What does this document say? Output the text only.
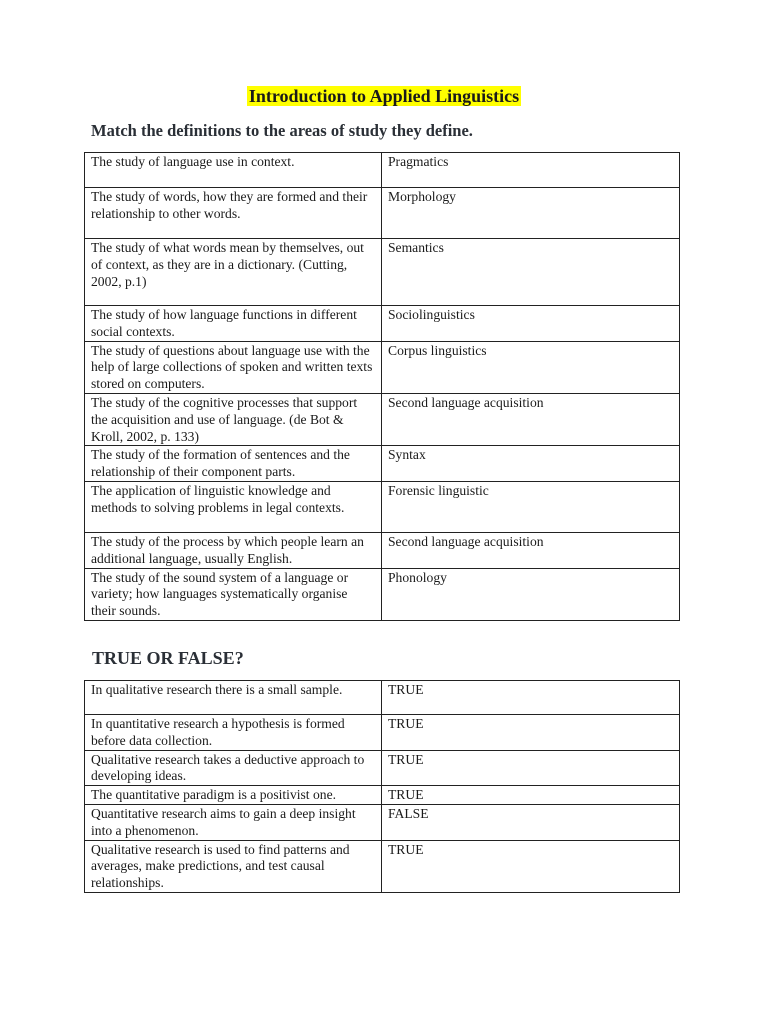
Introduction to Applied Linguistics
Match the definitions to the areas of study they define.
The study of language use in context.	Pragmatics
The study of words, how they are formed and their relationship to other words.	Morphology
The study of what words mean by themselves, out of context, as they are in a dictionary. (Cutting, 2002, p.1)	Semantics
The study of how language functions in different social contexts.	Sociolinguistics
The study of questions about language use with the help of large collections of spoken and written texts stored on computers.	Corpus linguistics
The study of the cognitive processes that support the acquisition and use of language. (de Bot & Kroll, 2002, p. 133)	Second language acquisition
The study of the formation of sentences and the relationship of their component parts.	Syntax
The application of linguistic knowledge and methods to solving problems in legal contexts.	Forensic linguistic
The study of the process by which people learn an additional language, usually English.	Second language acquisition
The study of the sound system of a language or variety; how languages systematically organise their sounds.	Phonology
TRUE OR FALSE?
In qualitative research there is a small sample.	TRUE
In quantitative research a hypothesis is formed before data collection.	TRUE
Qualitative research takes a deductive approach to developing ideas.	TRUE
The quantitative paradigm is a positivist one.	TRUE
Quantitative research aims to gain a deep insight into a phenomenon.	FALSE
Qualitative research is used to find patterns and averages, make predictions, and test causal relationships.	TRUE
